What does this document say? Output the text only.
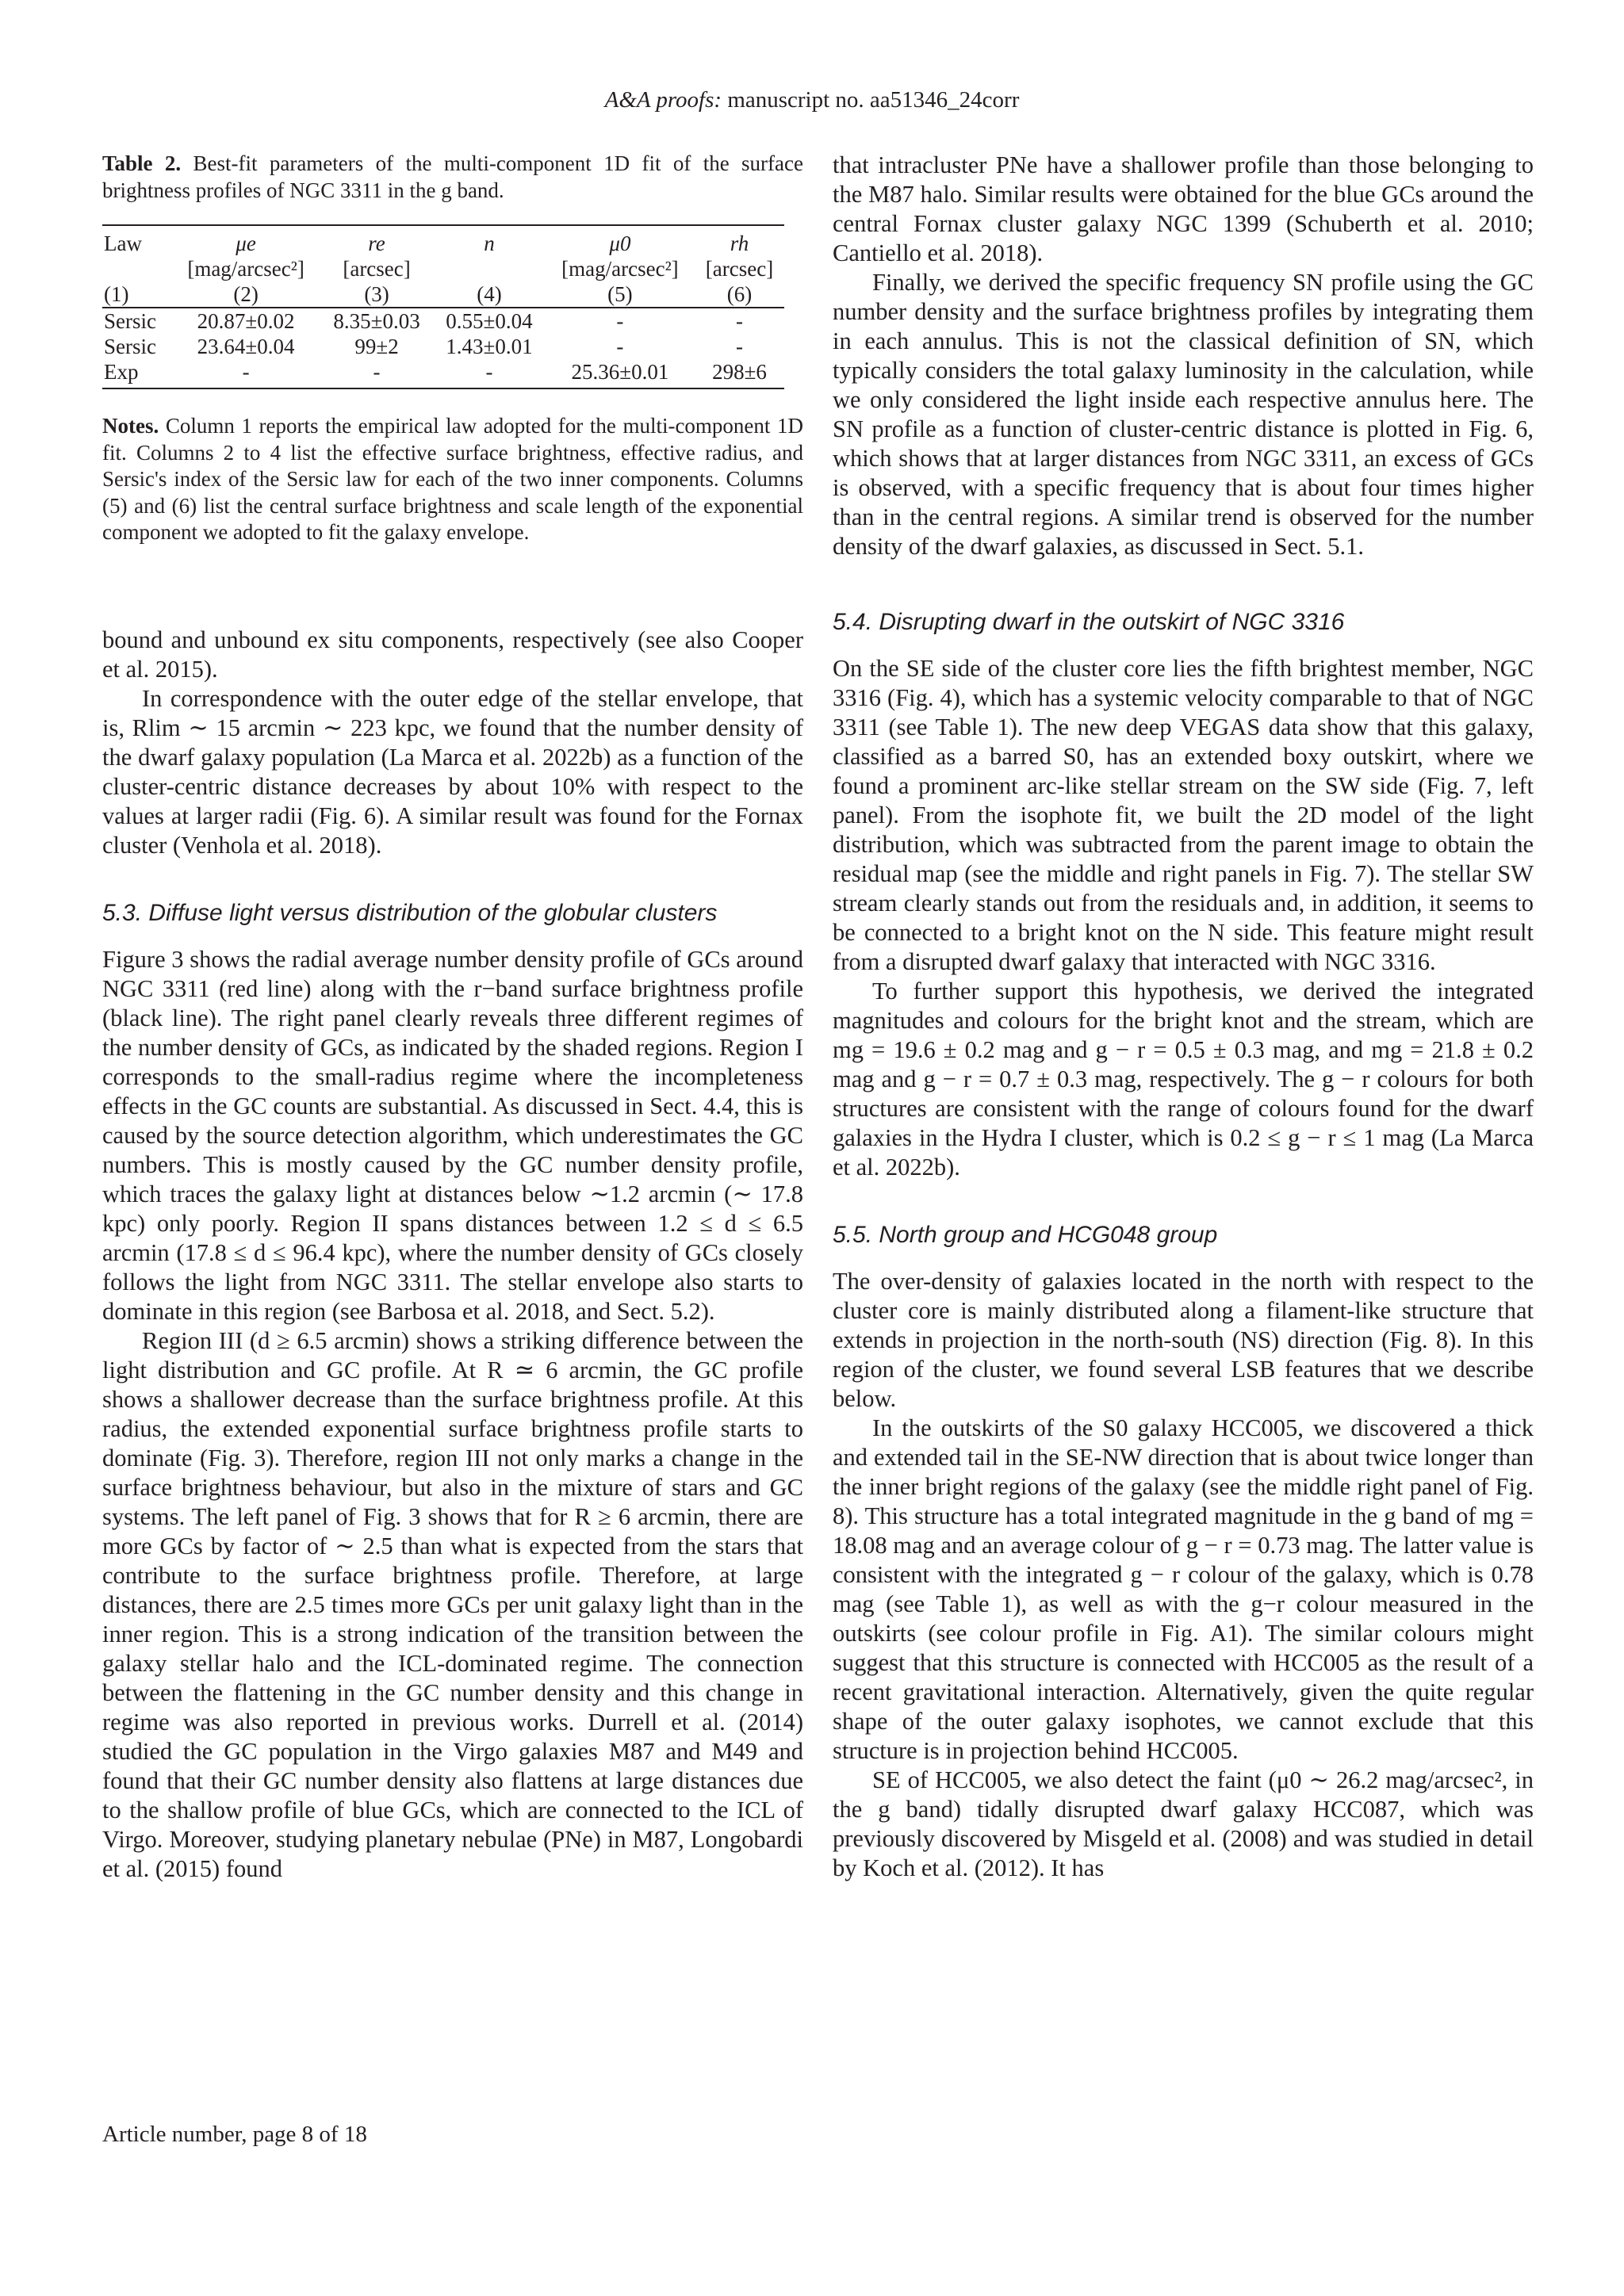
A&A proofs: manuscript no. aa51346_24corr

Table 2. Best-fit parameters of the multi-component 1D fit of the surface brightness profiles of NGC 3311 in the g band.

Law	μe	re	n	μ0	rh
	[mag/arcsec²]	[arcsec]		[mag/arcsec²]	[arcsec]
(1)	(2)	(3)	(4)	(5)	(6)
Sersic	20.87±0.02	8.35±0.03	0.55±0.04	-	-
Sersic	23.64±0.04	99±2	1.43±0.01	-	-
Exp	-	-	-	25.36±0.01	298±6

Notes. Column 1 reports the empirical law adopted for the multi-component 1D fit. Columns 2 to 4 list the effective surface brightness, effective radius, and Sersic's index of the Sersic law for each of the two inner components. Columns (5) and (6) list the central surface brightness and scale length of the exponential component we adopted to fit the galaxy envelope.

bound and unbound ex situ components, respectively (see also Cooper et al. 2015).

In correspondence with the outer edge of the stellar envelope, that is, Rlim ∼ 15 arcmin ∼ 223 kpc, we found that the number density of the dwarf galaxy population (La Marca et al. 2022b) as a function of the cluster-centric distance decreases by about 10% with respect to the values at larger radii (Fig. 6). A similar result was found for the Fornax cluster (Venhola et al. 2018).

5.3. Diffuse light versus distribution of the globular clusters

Figure 3 shows the radial average number density profile of GCs around NGC 3311 (red line) along with the r−band surface brightness profile (black line). The right panel clearly reveals three different regimes of the number density of GCs, as indicated by the shaded regions. Region I corresponds to the small-radius regime where the incompleteness effects in the GC counts are substantial. As discussed in Sect. 4.4, this is caused by the source detection algorithm, which underestimates the GC numbers. This is mostly caused by the GC number density profile, which traces the galaxy light at distances below ∼1.2 arcmin (∼ 17.8 kpc) only poorly. Region II spans distances between 1.2 ≤ d ≤ 6.5 arcmin (17.8 ≤ d ≤ 96.4 kpc), where the number density of GCs closely follows the light from NGC 3311. The stellar envelope also starts to dominate in this region (see Barbosa et al. 2018, and Sect. 5.2).

Region III (d ≥ 6.5 arcmin) shows a striking difference between the light distribution and GC profile. At R ≃ 6 arcmin, the GC profile shows a shallower decrease than the surface brightness profile. At this radius, the extended exponential surface brightness profile starts to dominate (Fig. 3). Therefore, region III not only marks a change in the surface brightness behaviour, but also in the mixture of stars and GC systems. The left panel of Fig. 3 shows that for R ≥ 6 arcmin, there are more GCs by factor of ∼ 2.5 than what is expected from the stars that contribute to the surface brightness profile. Therefore, at large distances, there are 2.5 times more GCs per unit galaxy light than in the inner region. This is a strong indication of the transition between the galaxy stellar halo and the ICL-dominated regime. The connection between the flattening in the GC number density and this change in regime was also reported in previous works. Durrell et al. (2014) studied the GC population in the Virgo galaxies M87 and M49 and found that their GC number density also flattens at large distances due to the shallow profile of blue GCs, which are connected to the ICL of Virgo. Moreover, studying planetary nebulae (PNe) in M87, Longobardi et al. (2015) found

that intracluster PNe have a shallower profile than those belonging to the M87 halo. Similar results were obtained for the blue GCs around the central Fornax cluster galaxy NGC 1399 (Schuberth et al. 2010; Cantiello et al. 2018).

Finally, we derived the specific frequency SN profile using the GC number density and the surface brightness profiles by integrating them in each annulus. This is not the classical definition of SN, which typically considers the total galaxy luminosity in the calculation, while we only considered the light inside each respective annulus here. The SN profile as a function of cluster-centric distance is plotted in Fig. 6, which shows that at larger distances from NGC 3311, an excess of GCs is observed, with a specific frequency that is about four times higher than in the central regions. A similar trend is observed for the number density of the dwarf galaxies, as discussed in Sect. 5.1.

5.4. Disrupting dwarf in the outskirt of NGC 3316

On the SE side of the cluster core lies the fifth brightest member, NGC 3316 (Fig. 4), which has a systemic velocity comparable to that of NGC 3311 (see Table 1). The new deep VEGAS data show that this galaxy, classified as a barred S0, has an extended boxy outskirt, where we found a prominent arc-like stellar stream on the SW side (Fig. 7, left panel). From the isophote fit, we built the 2D model of the light distribution, which was subtracted from the parent image to obtain the residual map (see the middle and right panels in Fig. 7). The stellar SW stream clearly stands out from the residuals and, in addition, it seems to be connected to a bright knot on the N side. This feature might result from a disrupted dwarf galaxy that interacted with NGC 3316.

To further support this hypothesis, we derived the integrated magnitudes and colours for the bright knot and the stream, which are mg = 19.6 ± 0.2 mag and g − r = 0.5 ± 0.3 mag, and mg = 21.8 ± 0.2 mag and g − r = 0.7 ± 0.3 mag, respectively. The g − r colours for both structures are consistent with the range of colours found for the dwarf galaxies in the Hydra I cluster, which is 0.2 ≤ g − r ≤ 1 mag (La Marca et al. 2022b).

5.5. North group and HCG048 group

The over-density of galaxies located in the north with respect to the cluster core is mainly distributed along a filament-like structure that extends in projection in the north-south (NS) direction (Fig. 8). In this region of the cluster, we found several LSB features that we describe below.

In the outskirts of the S0 galaxy HCC005, we discovered a thick and extended tail in the SE-NW direction that is about twice longer than the inner bright regions of the galaxy (see the middle right panel of Fig. 8). This structure has a total integrated magnitude in the g band of mg = 18.08 mag and an average colour of g − r = 0.73 mag. The latter value is consistent with the integrated g − r colour of the galaxy, which is 0.78 mag (see Table 1), as well as with the g−r colour measured in the outskirts (see colour profile in Fig. A1). The similar colours might suggest that this structure is connected with HCC005 as the result of a recent gravitational interaction. Alternatively, given the quite regular shape of the outer galaxy isophotes, we cannot exclude that this structure is in projection behind HCC005.

SE of HCC005, we also detect the faint (μ0 ∼ 26.2 mag/arcsec², in the g band) tidally disrupted dwarf galaxy HCC087, which was previously discovered by Misgeld et al. (2008) and was studied in detail by Koch et al. (2012). It has

Article number, page 8 of 18
